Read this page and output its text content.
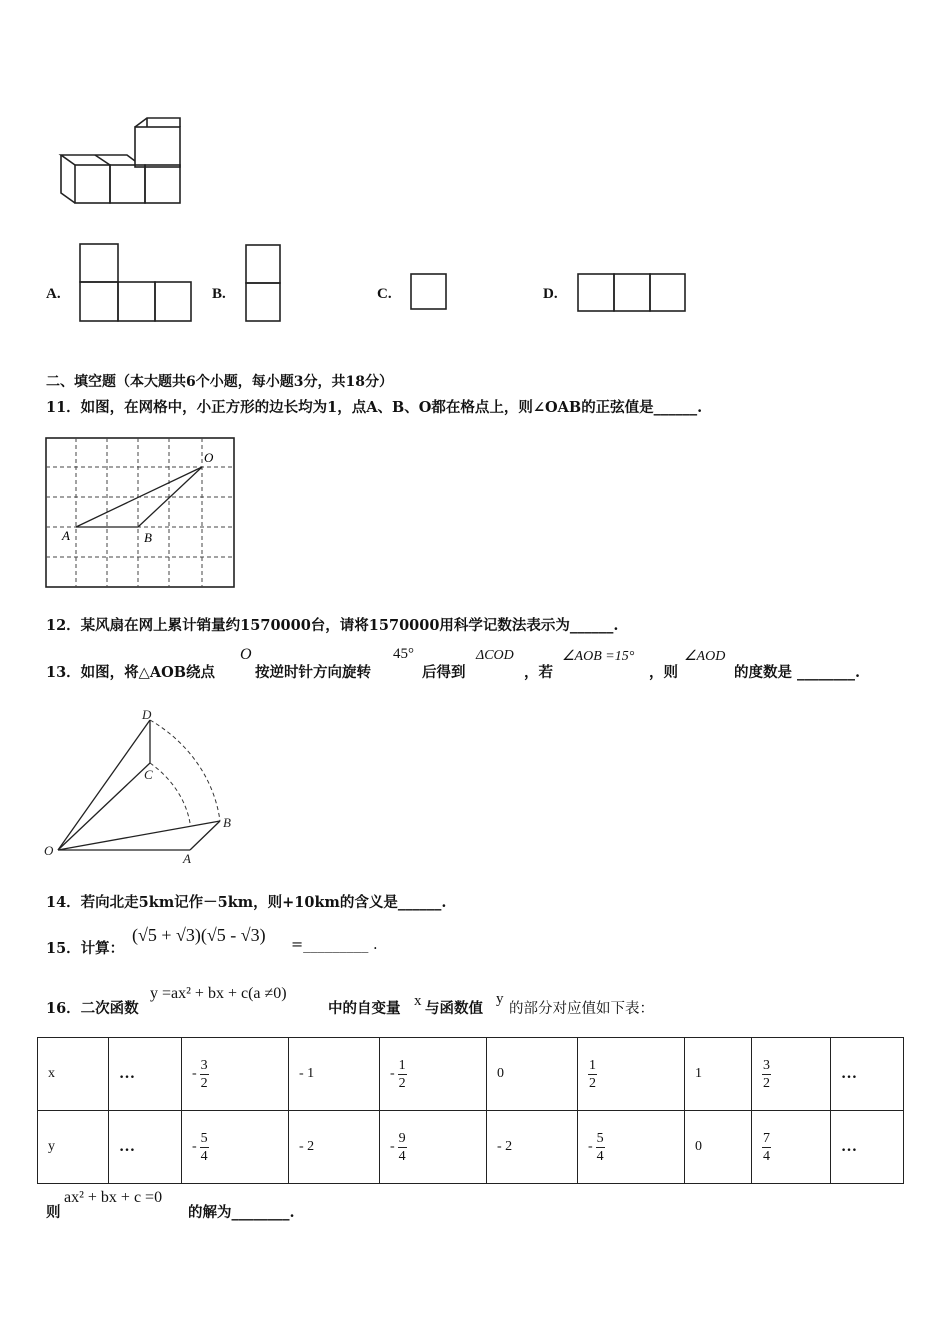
A.	B.	C.	D.
二、填空题（本大题共6个小题，每小题3分，共18分）
11．如图，在网格中，小正方形的边长均为1，点A、B、O都在格点上，则∠OAB的正弦值是______.
O
A	B
12．某风扇在网上累计销量约1570000台，请将1570000用科学记数法表示为______.
13．如图，将△AOB绕点
O
按逆时针方向旋转
45°
后得到
ΔCOD
，若
∠AOB =15°
，则
∠AOD
的度数是 ________.
D
C
B
O
A
14．若向北走5km记作－5km，则+10km的含义是______.
15．计算：
(√5 + √3)(√5 - √3) =_________ .
16．二次函数
y =ax² + bx + c(a ≠0)
中的自变量 x 与函数值
y
的部分对应值如下表：
x	…	- $\frac{3}{2}$	- 1	- $\frac{1}{2}$	0	$\frac{1}{2}$	1	$\frac{3}{2}$	…
y	…	- $\frac{5}{4}$	- 2	- $\frac{9}{4}$	- 2	- $\frac{5}{4}$	0	$\frac{7}{4}$	…
则
ax² + bx + c =0
的解为________.
